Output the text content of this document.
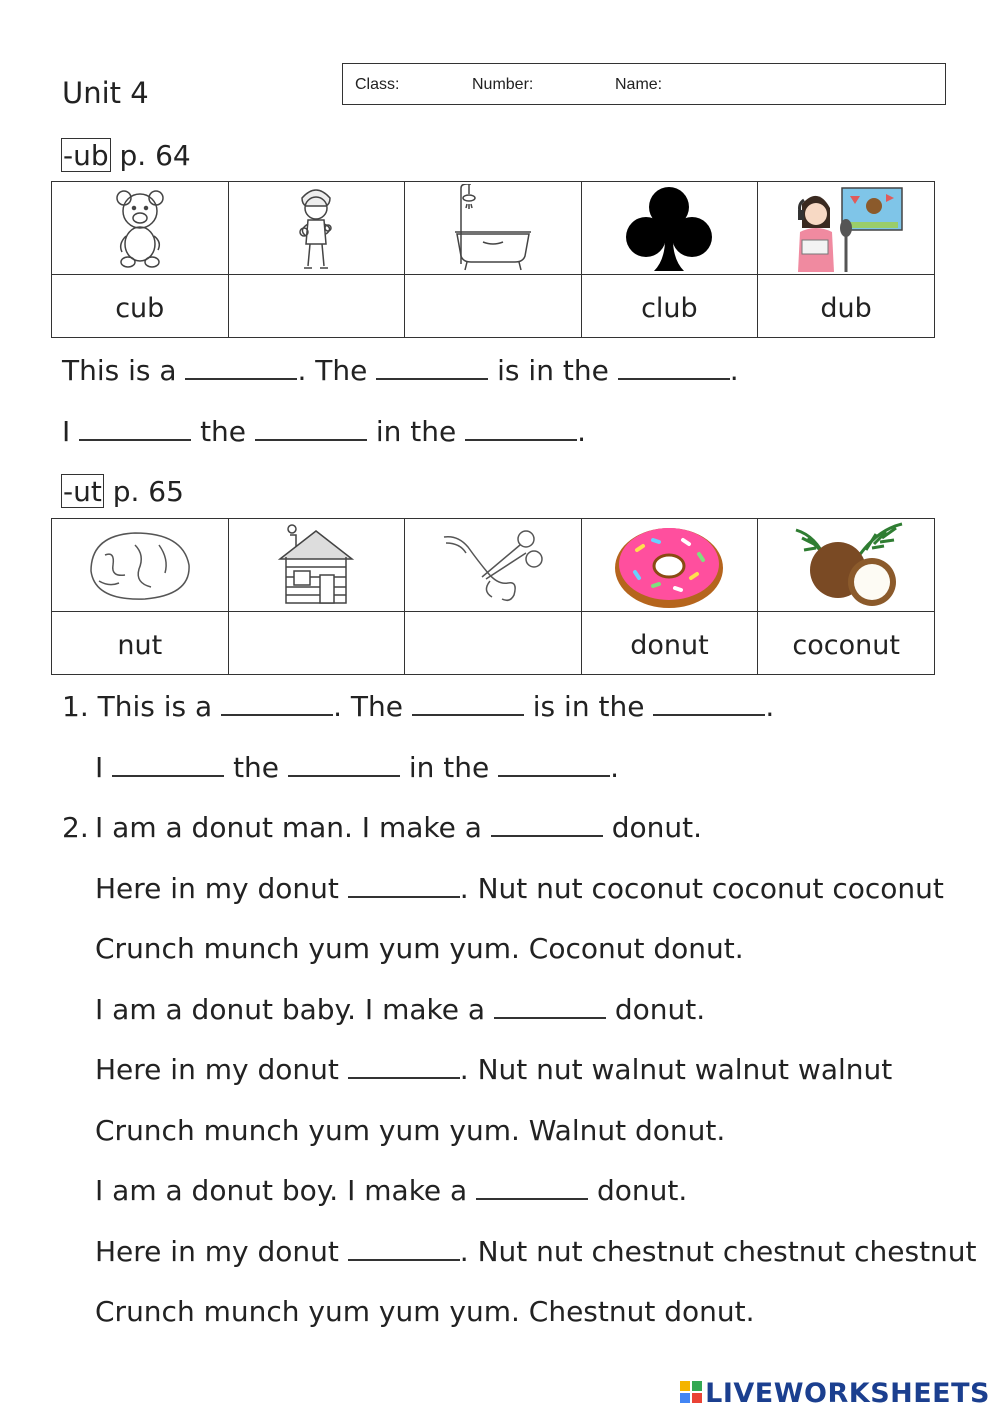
Unit 4	Class:	Number:	Name:
-ub p. 64

cub			club	dub
This is a	. The	is in the	.
I	the	in the	.
-ut p. 65

nut			donut	coconut
1. This is a	. The	is in the	.
I	the	in the	.
2. I am a donut man. I make a	donut.
Here in my donut	. Nut nut coconut coconut coconut
Crunch munch yum yum yum. Coconut donut.
I am a donut baby. I make a	donut.
Here in my donut	. Nut nut walnut walnut walnut
Crunch munch yum yum yum. Walnut donut.
I am a donut boy. I make a	donut.
Here in my donut	. Nut nut chestnut chestnut chestnut
Crunch munch yum yum yum. Chestnut donut.
LIVEWORKSHEETS
